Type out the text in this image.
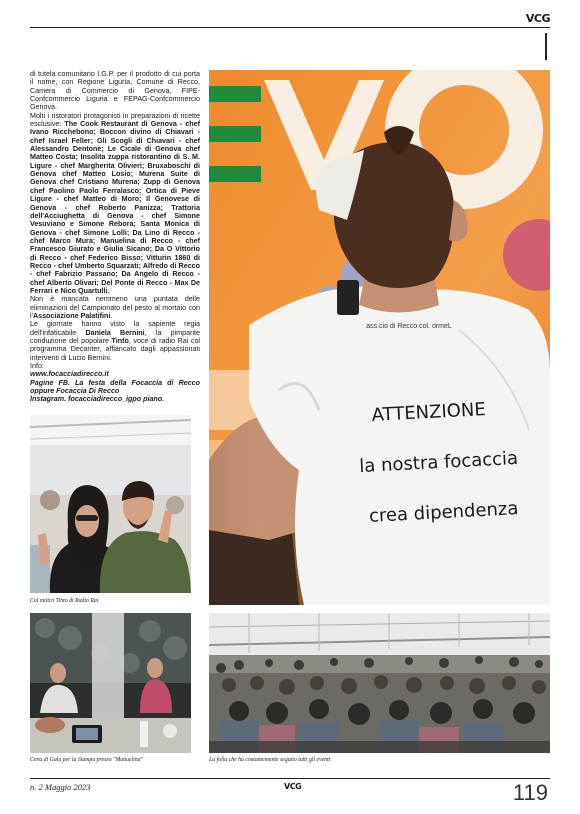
VCG

di tutela comunitario I.G.P. per il prodotto di cui porta il nome, con Regione Liguria, Comune di Recco, Camera di Commercio di Genova, FIPE-Confcommercio Liguria e FEPAG-Confcommercio Genova.

Molti i ristoratori protagonisti in preparazioni di ricette esclusive: The Cook Restaurant di Genova - chef Ivano Ricchebono; Boccon divino di Chiavari - chef Israel Feller; Gli Scogli di Chiavari - chef Alessandro Dentone; Le Cicale di Genova chef Matteo Costa; Insolita zuppa ristorantino di S. M. Ligure - chef Margherita Olivieri; Bruxaboschi di Genova chef Matteo Losio; Murena Suite di Genova chef Cristiano Murena; Zupp di Genova chef Paolino Paolo Ferralasco; Ortica di Pieve Ligure - chef Matteo di Moro; Il Genovese di Genova - chef Roberto Panizza; Trattoria dell'Acciughetta di Genova - chef Simone Vesuviano e Simone Rebora; Santa Monica di Genova - chef Simone Lolli; Da Lino di Recco - chef Marco Mura; Manuelina di Recco - chef Francesco Giurato e Giulia Sicano; Da O Vittorio di Recco - chef Federico Bisso; Vitturin 1860 di Recco - chef Umberto Squarzati; Alfredo di Recco - chef Fabrizio Passano; Da Angelo di Recco - chef Alberto Olivari; Del Ponte di Recco - Max De Ferrari e Nico Quartulli.

Non è mancata nemmeno una puntata delle eliminazioni del Campionato del pesto al mortaio con l'Associazione Palatifini.

Le giornate hanno visto la sapiente regia dell'infaticabile Daniela Bernini, la pimpante conduzione del popolare Tinto, voce di radio Rai col programma Decanter, affiancato dagli appassionati interventi di Lucio Bernini.

Info:

www.focacciadirecco.it

Pagine FB. La festa della Focaccia di Recco oppure Focaccia Di Recco

Instagram. focacciadirecco_igpo piano.

ass.cio di Recco col. ormeL
ATTENZIONE
la nostra focaccia
crea dipendenza
Col mitico Tinto di Radio Rai
Cena di Gala per la Stampa presso "Manuelina"	La folla che ha costantemente seguito tutti gli eventi
n. 2 Maggio 2023	VCG	119
